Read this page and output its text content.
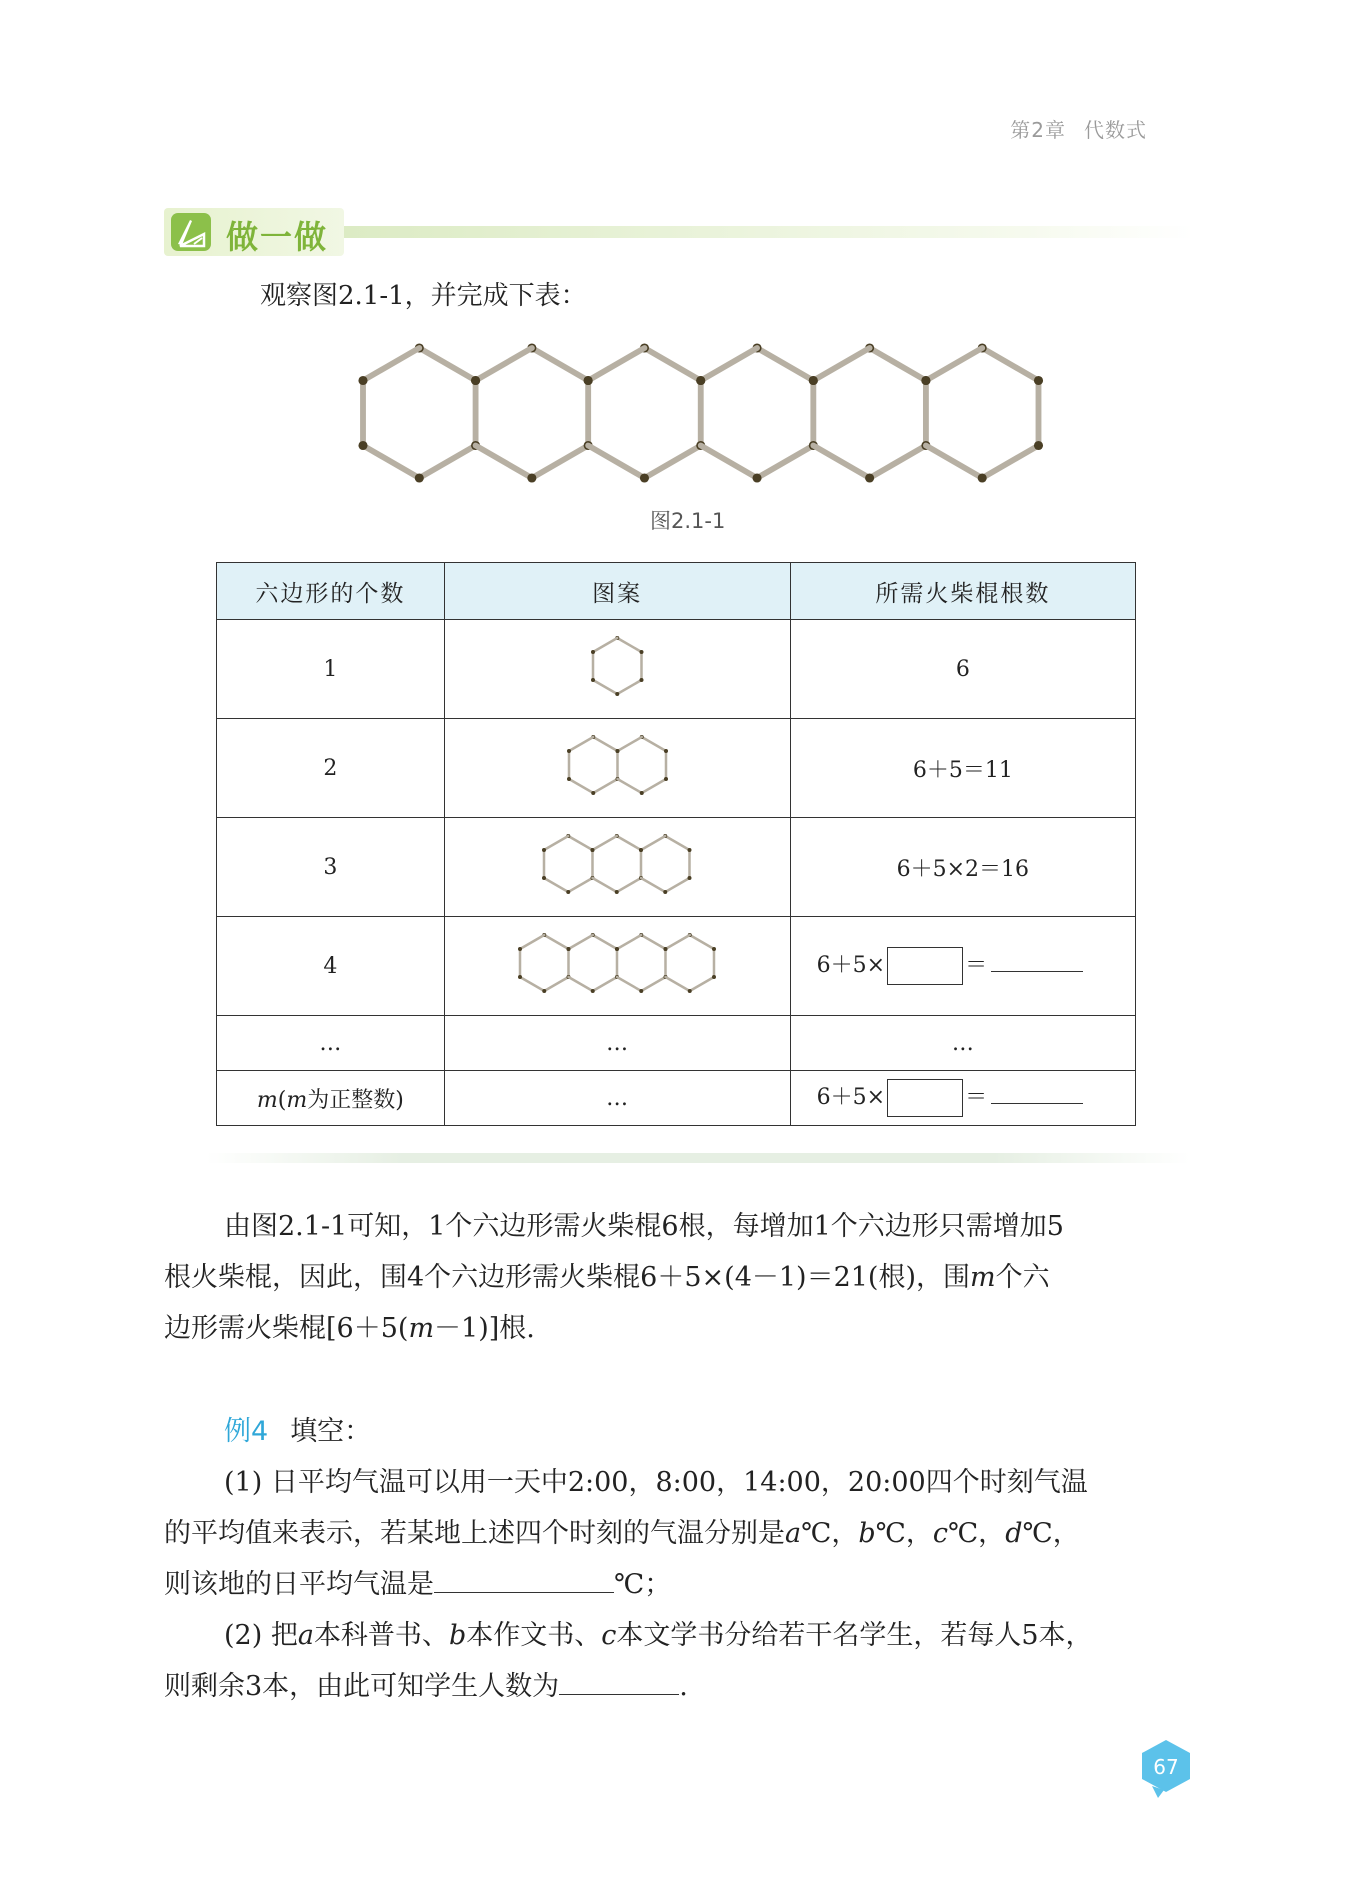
第2章 代数式
做一做
观察图2.1-1，并完成下表：
图2.1-1
六边形的个数	图案	所需火柴棍根数
1		6
2		6＋5＝11
3		6＋5×2＝16
4		6＋5× ＝
…	…	…
m(m为正整数)	…	6＋5× ＝

由图2.1-1可知，1个六边形需火柴棍6根，每增加1个六边形只需增加5

根火柴棍，因此，围4个六边形需火柴棍6＋5×(4－1)＝21(根)，围m个六

边形需火柴棍[6＋5(m－1)]根.

例4 填空：

(1) 日平均气温可以用一天中2:00，8:00，14:00，20:00四个时刻气温

的平均值来表示，若某地上述四个时刻的气温分别是a℃，b℃，c℃，d℃，

则该地的日平均气温是	℃；

(2) 把a本科普书、b本作文书、c本文学书分给若干名学生，若每人5本，

则剩余3本，由此可知学生人数为	.

67
